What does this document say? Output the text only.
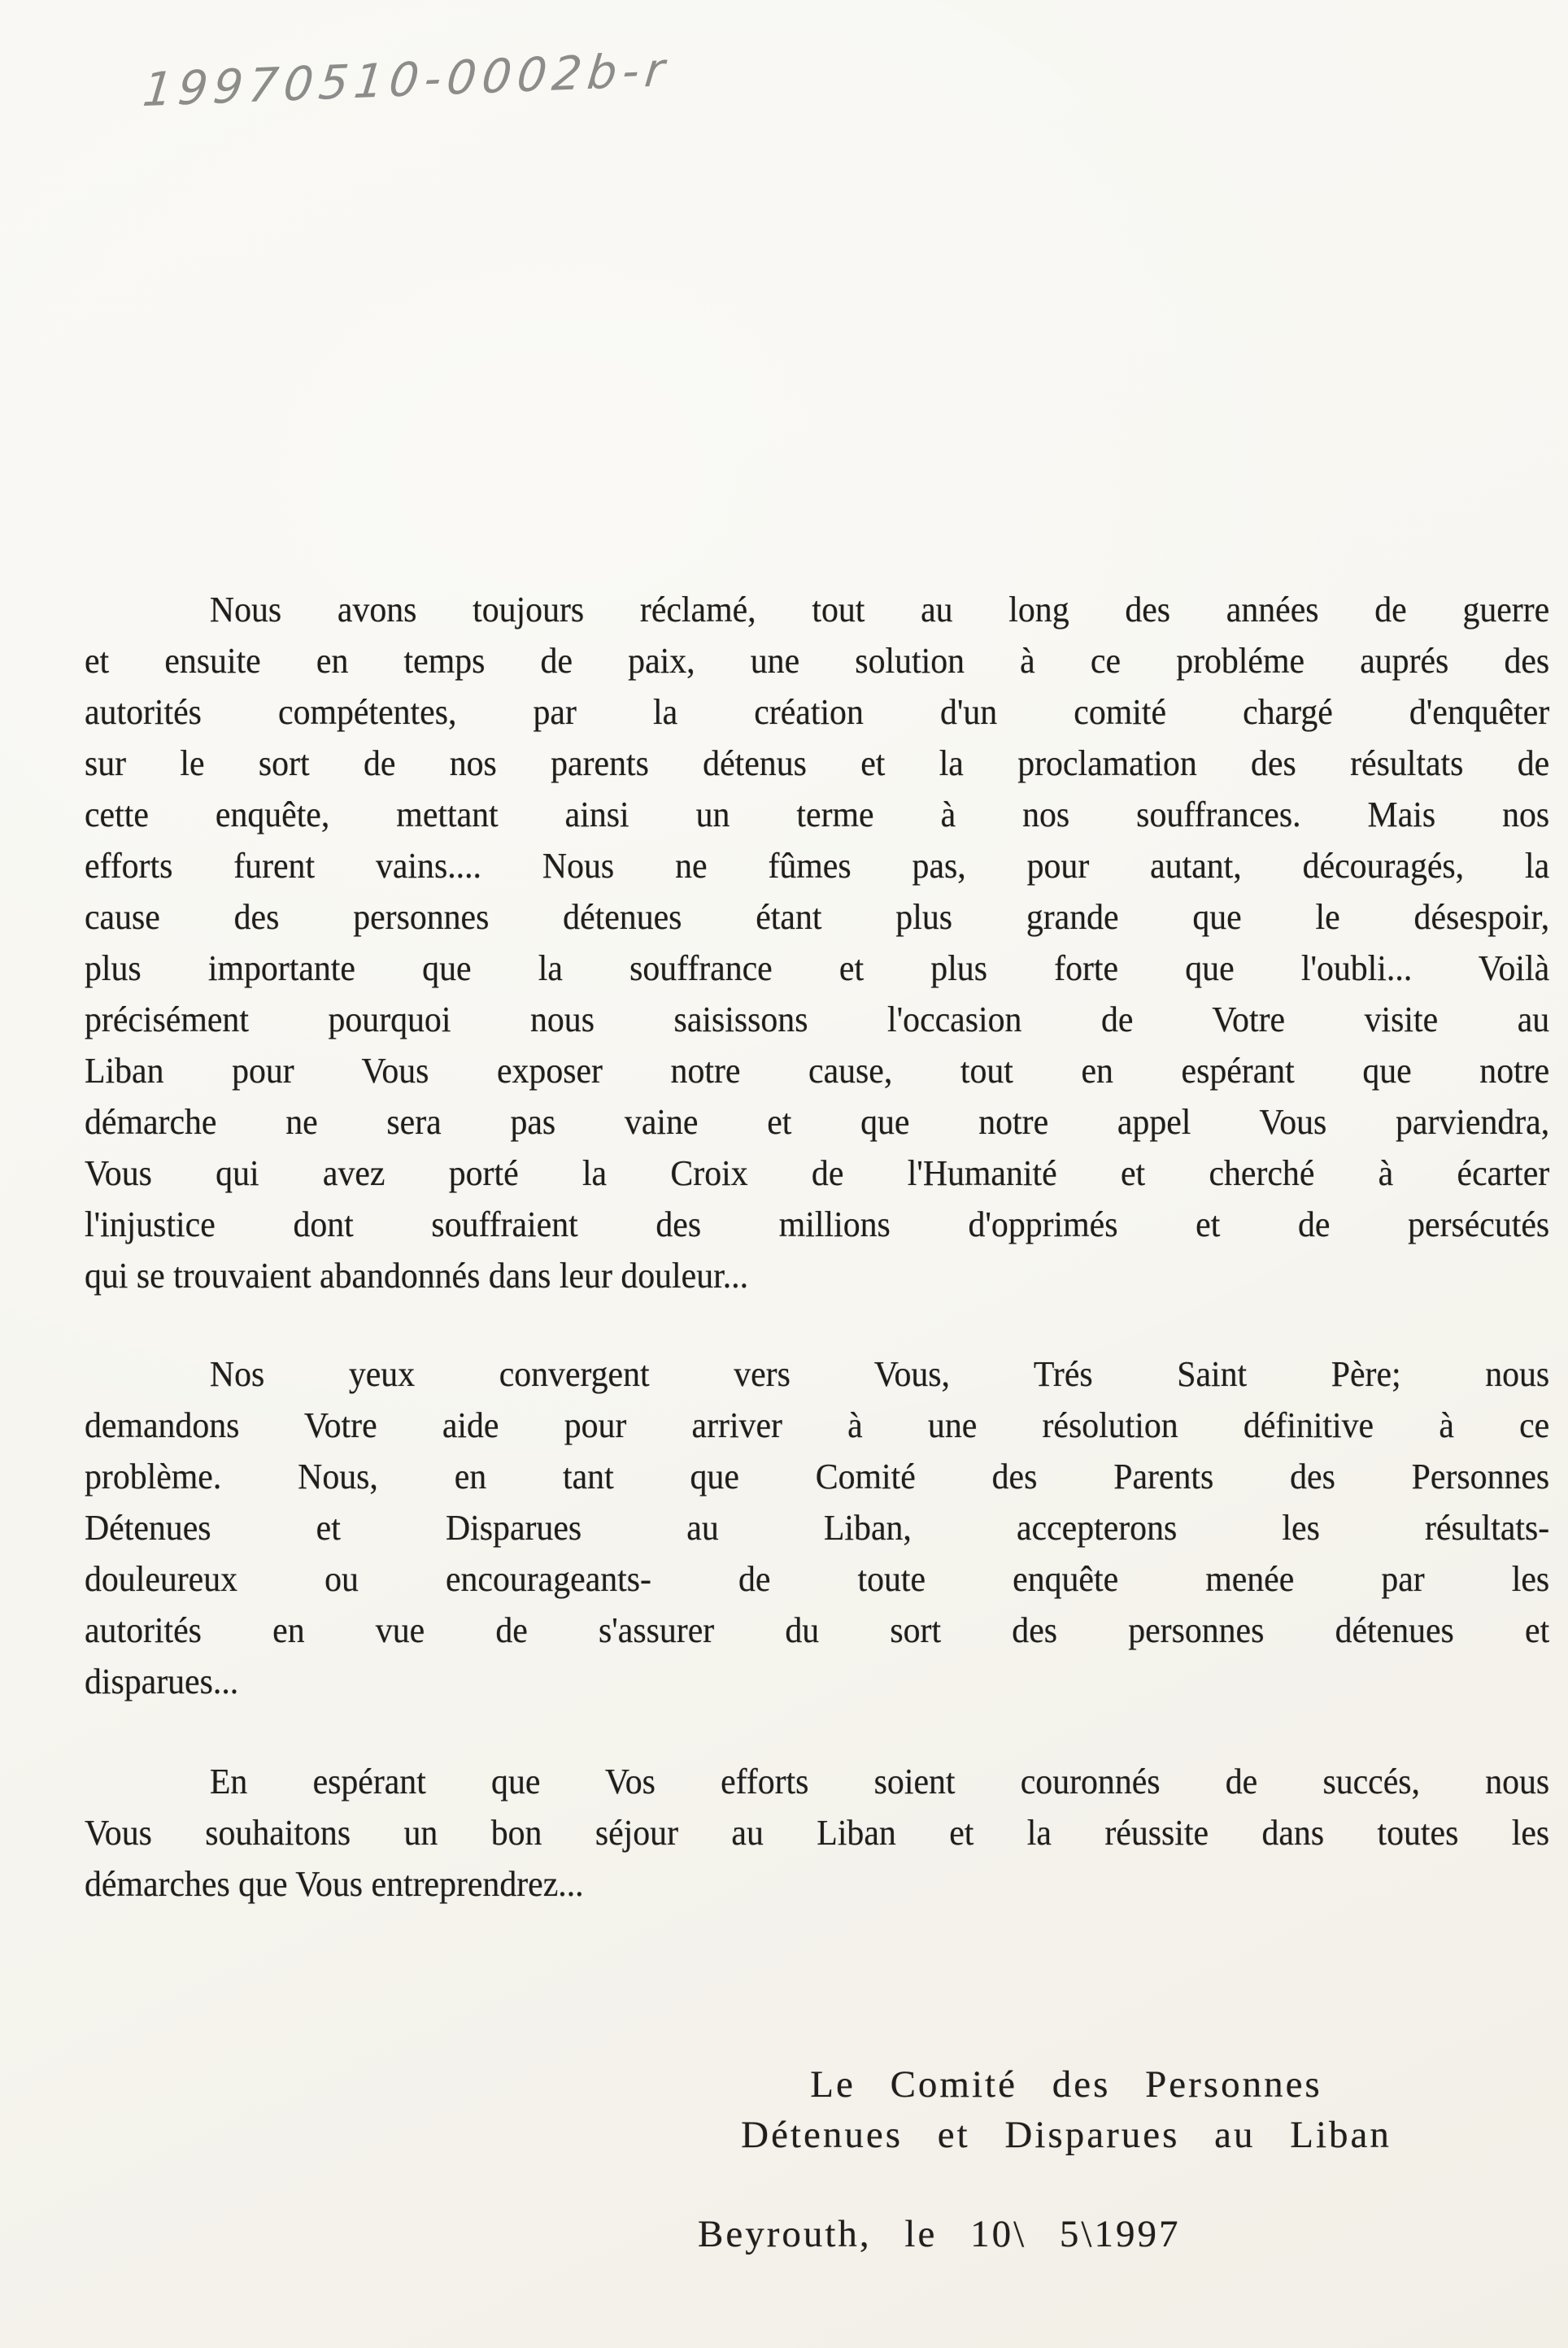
19970510-0002b-r
Nous avons toujours réclamé, tout au long des années de guerre
et ensuite en temps de paix, une solution à ce probléme auprés des
autorités compétentes, par la création d'un comité chargé d'enquêter
sur le sort de nos parents détenus et la proclamation des résultats de
cette enquête, mettant ainsi un terme à nos souffrances. Mais nos
efforts furent vains.... Nous ne fûmes pas, pour autant, découragés, la
cause des personnes détenues étant plus grande que le désespoir,
plus importante que la souffrance et plus forte que l'oubli... Voilà
précisément pourquoi nous saisissons l'occasion de Votre visite au
Liban pour Vous exposer notre cause, tout en espérant que notre
démarche ne sera pas vaine et que notre appel Vous parviendra,
Vous qui avez porté la Croix de l'Humanité et cherché à écarter
l'injustice dont souffraient des millions d'opprimés et de persécutés
qui se trouvaient abandonnés dans leur douleur...
Nos yeux convergent vers Vous, Trés Saint Père; nous
demandons Votre aide pour arriver à une résolution définitive à ce
problème. Nous, en tant que Comité des Parents des Personnes
Détenues et Disparues au Liban, accepterons les résultats-
douleureux ou encourageants- de toute enquête menée par les
autorités en vue de s'assurer du sort des personnes détenues et
disparues...
En espérant que Vos efforts soient couronnés de succés, nous
Vous souhaitons un bon séjour au Liban et la réussite dans toutes les
démarches que Vous entreprendrez...
Le Comité des Personnes
Détenues et Disparues au Liban
Beyrouth, le 10\ 5\1997
